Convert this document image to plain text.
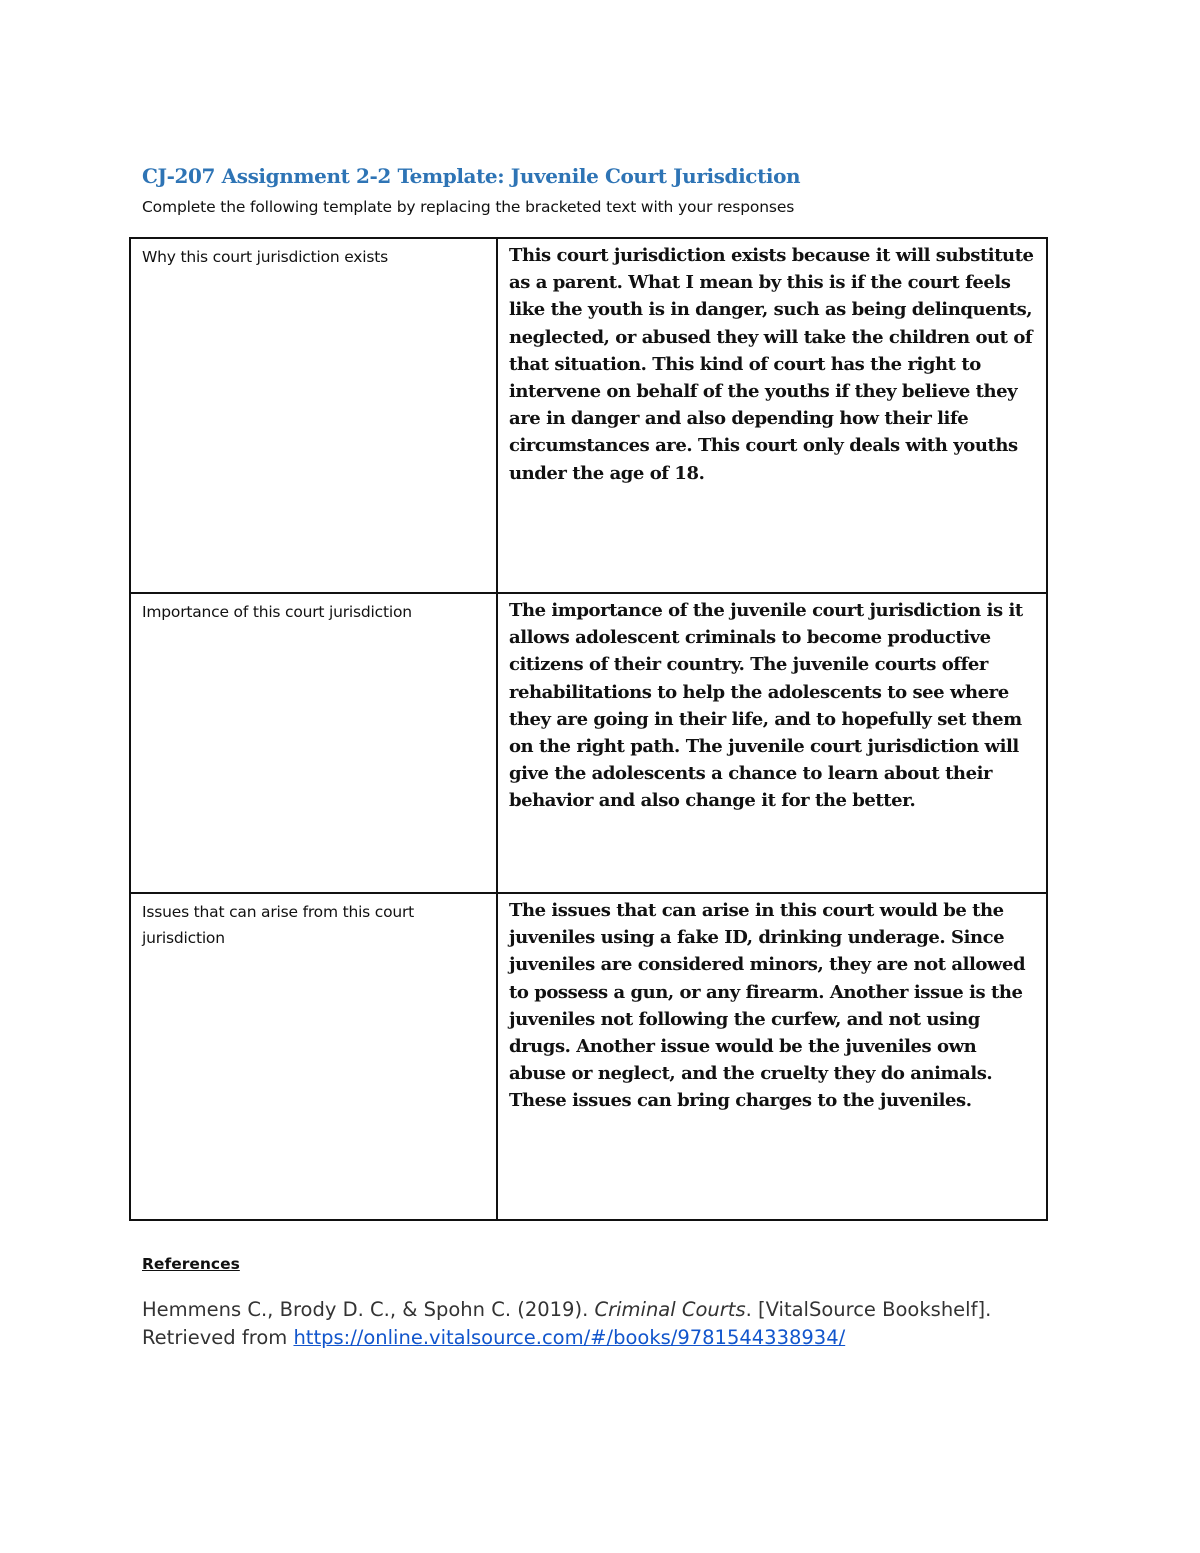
CJ-207 Assignment 2-2 Template: Juvenile Court Jurisdiction
Complete the following template by replacing the bracketed text with your responses
Why this court jurisdiction exists	This court jurisdiction exists because it will substitute as a parent. What I mean by this is if the court feels like the youth is in danger, such as being delinquents, neglected, or abused they will take the children out of that situation. This kind of court has the right to intervene on behalf of the youths if they believe they are in danger and also depending how their life circumstances are. This court only deals with youths under the age of 18.
Importance of this court jurisdiction	The importance of the juvenile court jurisdiction is it allows adolescent criminals to become productive citizens of their country. The juvenile courts offer rehabilitations to help the adolescents to see where they are going in their life, and to hopefully set them on the right path. The juvenile court jurisdiction will give the adolescents a chance to learn about their behavior and also change it for the better.
Issues that can arise from this court jurisdiction	The issues that can arise in this court would be the juveniles using a fake ID, drinking underage. Since juveniles are considered minors, they are not allowed to possess a gun, or any firearm. Another issue is the juveniles not following the curfew, and not using drugs. Another issue would be the juveniles own abuse or neglect, and the cruelty they do animals. These issues can bring charges to the juveniles.
References
Hemmens C., Brody D. C., & Spohn C. (2019). Criminal Courts. [VitalSource Bookshelf]. Retrieved from https://online.vitalsource.com/#/books/9781544338934/
